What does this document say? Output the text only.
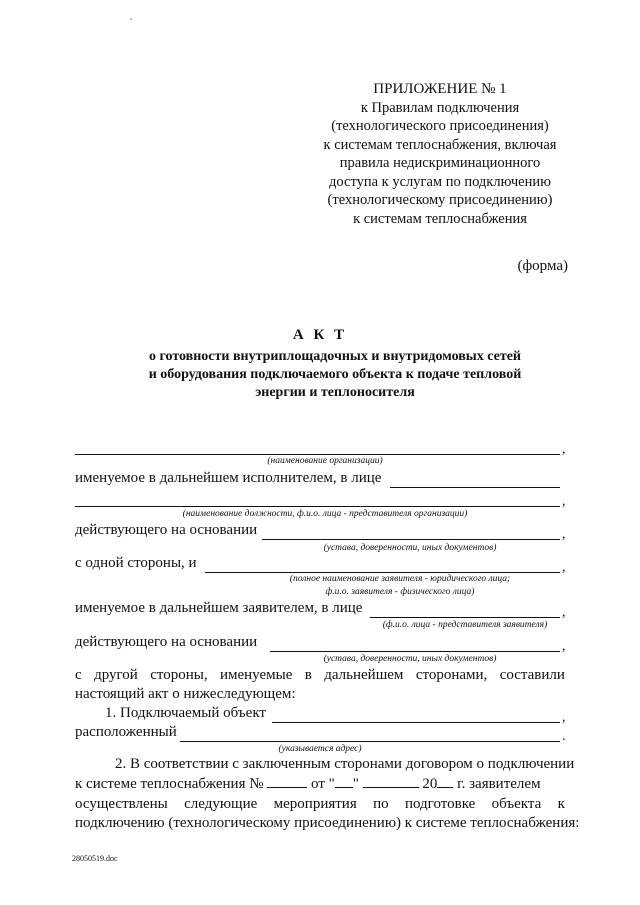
ПРИЛОЖЕНИЕ № 1
к Правилам подключения
(технологического присоединения)
к системам теплоснабжения, включая
правила недискриминационного
доступа к услугам по подключению
(технологическому присоединению)
к системам теплоснабжения
(форма)
А К Т
о готовности внутриплощадочных и внутридомовых сетей
и оборудования подключаемого объекта к подаче тепловой
энергии и теплоносителя
,
(наименование организации)
именуемое в дальнейшем исполнителем, в лице
,
(наименование должности, ф.и.о. лица - представителя организации)
действующего на основании	,
(устава, доверенности, иных документов)
с одной стороны, и	,
(полное наименование заявителя - юридического лица;
ф.и.о. заявителя - физического лица)
именуемое в дальнейшем заявителем, в лице	,
(ф.и.о. лица - представителя заявителя)
действующего на основании	,
(устава, доверенности, иных документов)
с другой стороны, именуемые в дальнейшем сторонами, составили
настоящий акт о нижеследующем:
1. Подключаемый объект	,
расположенный	.
(указывается адрес)
2. В соответствии с заключенным сторонами договором о подключении
к системе теплоснабжения №	от " "	20 г. заявителем
осуществлены следующие мероприятия по подготовке объекта к
подключению (технологическому присоединению) к системе теплоснабжения:
28050519.doc
